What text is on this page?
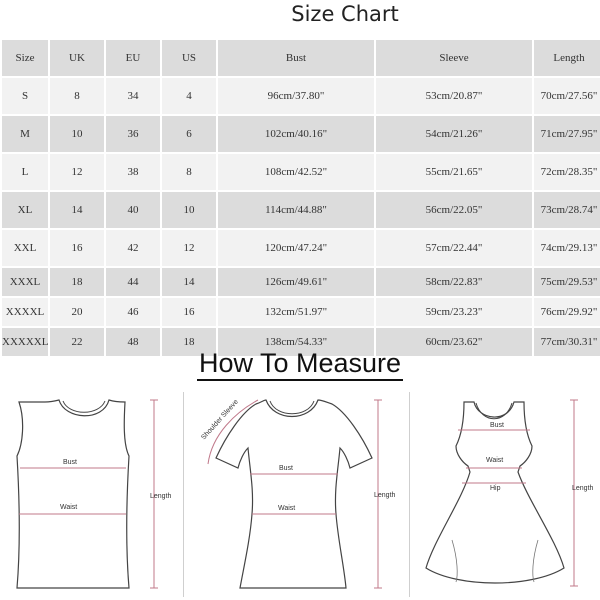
Size Chart
Size	UK	EU	US	Bust	Sleeve	Length
S	8	34	4	96cm/37.80"	53cm/20.87"	70cm/27.56"
M	10	36	6	102cm/40.16"	54cm/21.26"	71cm/27.95"
L	12	38	8	108cm/42.52"	55cm/21.65"	72cm/28.35"
XL	14	40	10	114cm/44.88"	56cm/22.05"	73cm/28.74"
XXL	16	42	12	120cm/47.24"	57cm/22.44"	74cm/29.13"
XXXL	18	44	14	126cm/49.61"	58cm/22.83"	75cm/29.53"
XXXXL	20	46	16	132cm/51.97"	59cm/23.23"	76cm/29.92"
XXXXXL	22	48	18	138cm/54.33"	60cm/23.62"	77cm/30.31"
How To Measure
Bust
Waist
Length
Shoulder Sleeve
Bust
Waist
Length
Bust
Waist
Hip	Length
